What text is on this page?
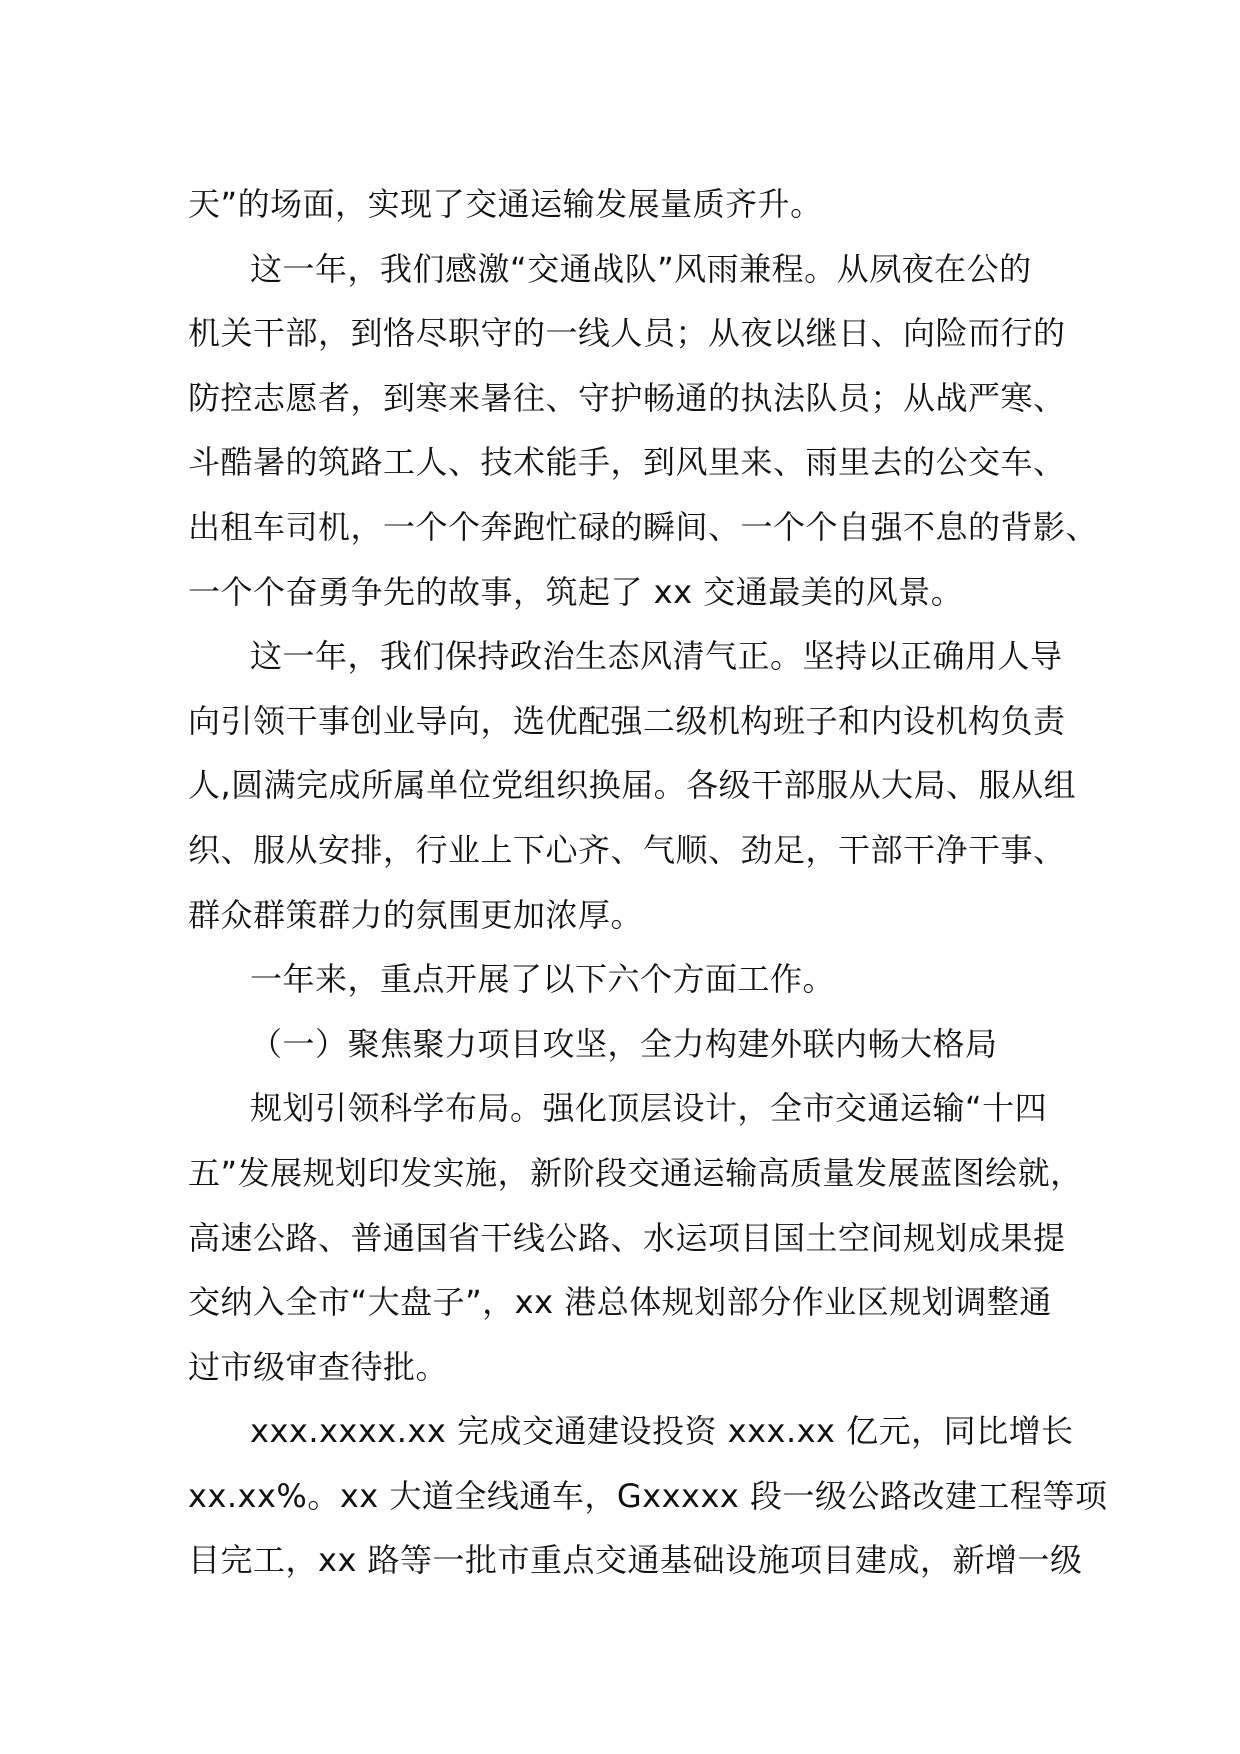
天”的场面，实现了交通运输发展量质齐升。
这一年，我们感激“交通战队”风雨兼程。从夙夜在公的
机关干部，到恪尽职守的一线人员；从夜以继日、向险而行的
防控志愿者，到寒来暑往、守护畅通的执法队员；从战严寒、
斗酷暑的筑路工人、技术能手，到风里来、雨里去的公交车、
出租车司机，一个个奔跑忙碌的瞬间、一个个自强不息的背影、
一个个奋勇争先的故事，筑起了 xx 交通最美的风景。
这一年，我们保持政治生态风清气正。坚持以正确用人导
向引领干事创业导向，选优配强二级机构班子和内设机构负责
人,圆满完成所属单位党组织换届。各级干部服从大局、服从组
织、服从安排，行业上下心齐、气顺、劲足，干部干净干事、
群众群策群力的氛围更加浓厚。
一年来，重点开展了以下六个方面工作。
（一）聚焦聚力项目攻坚，全力构建外联内畅大格局
规划引领科学布局。强化顶层设计，全市交通运输“十四
五”发展规划印发实施，新阶段交通运输高质量发展蓝图绘就，
高速公路、普通国省干线公路、水运项目国土空间规划成果提
交纳入全市“大盘子”，xx 港总体规划部分作业区规划调整通
过市级审查待批。
xxx.xxxx.xx 完成交通建设投资 xxx.xx 亿元，同比增长
xx.xx%。xx 大道全线通车，Gxxxxx 段一级公路改建工程等项
目完工，xx 路等一批市重点交通基础设施项目建成，新增一级
